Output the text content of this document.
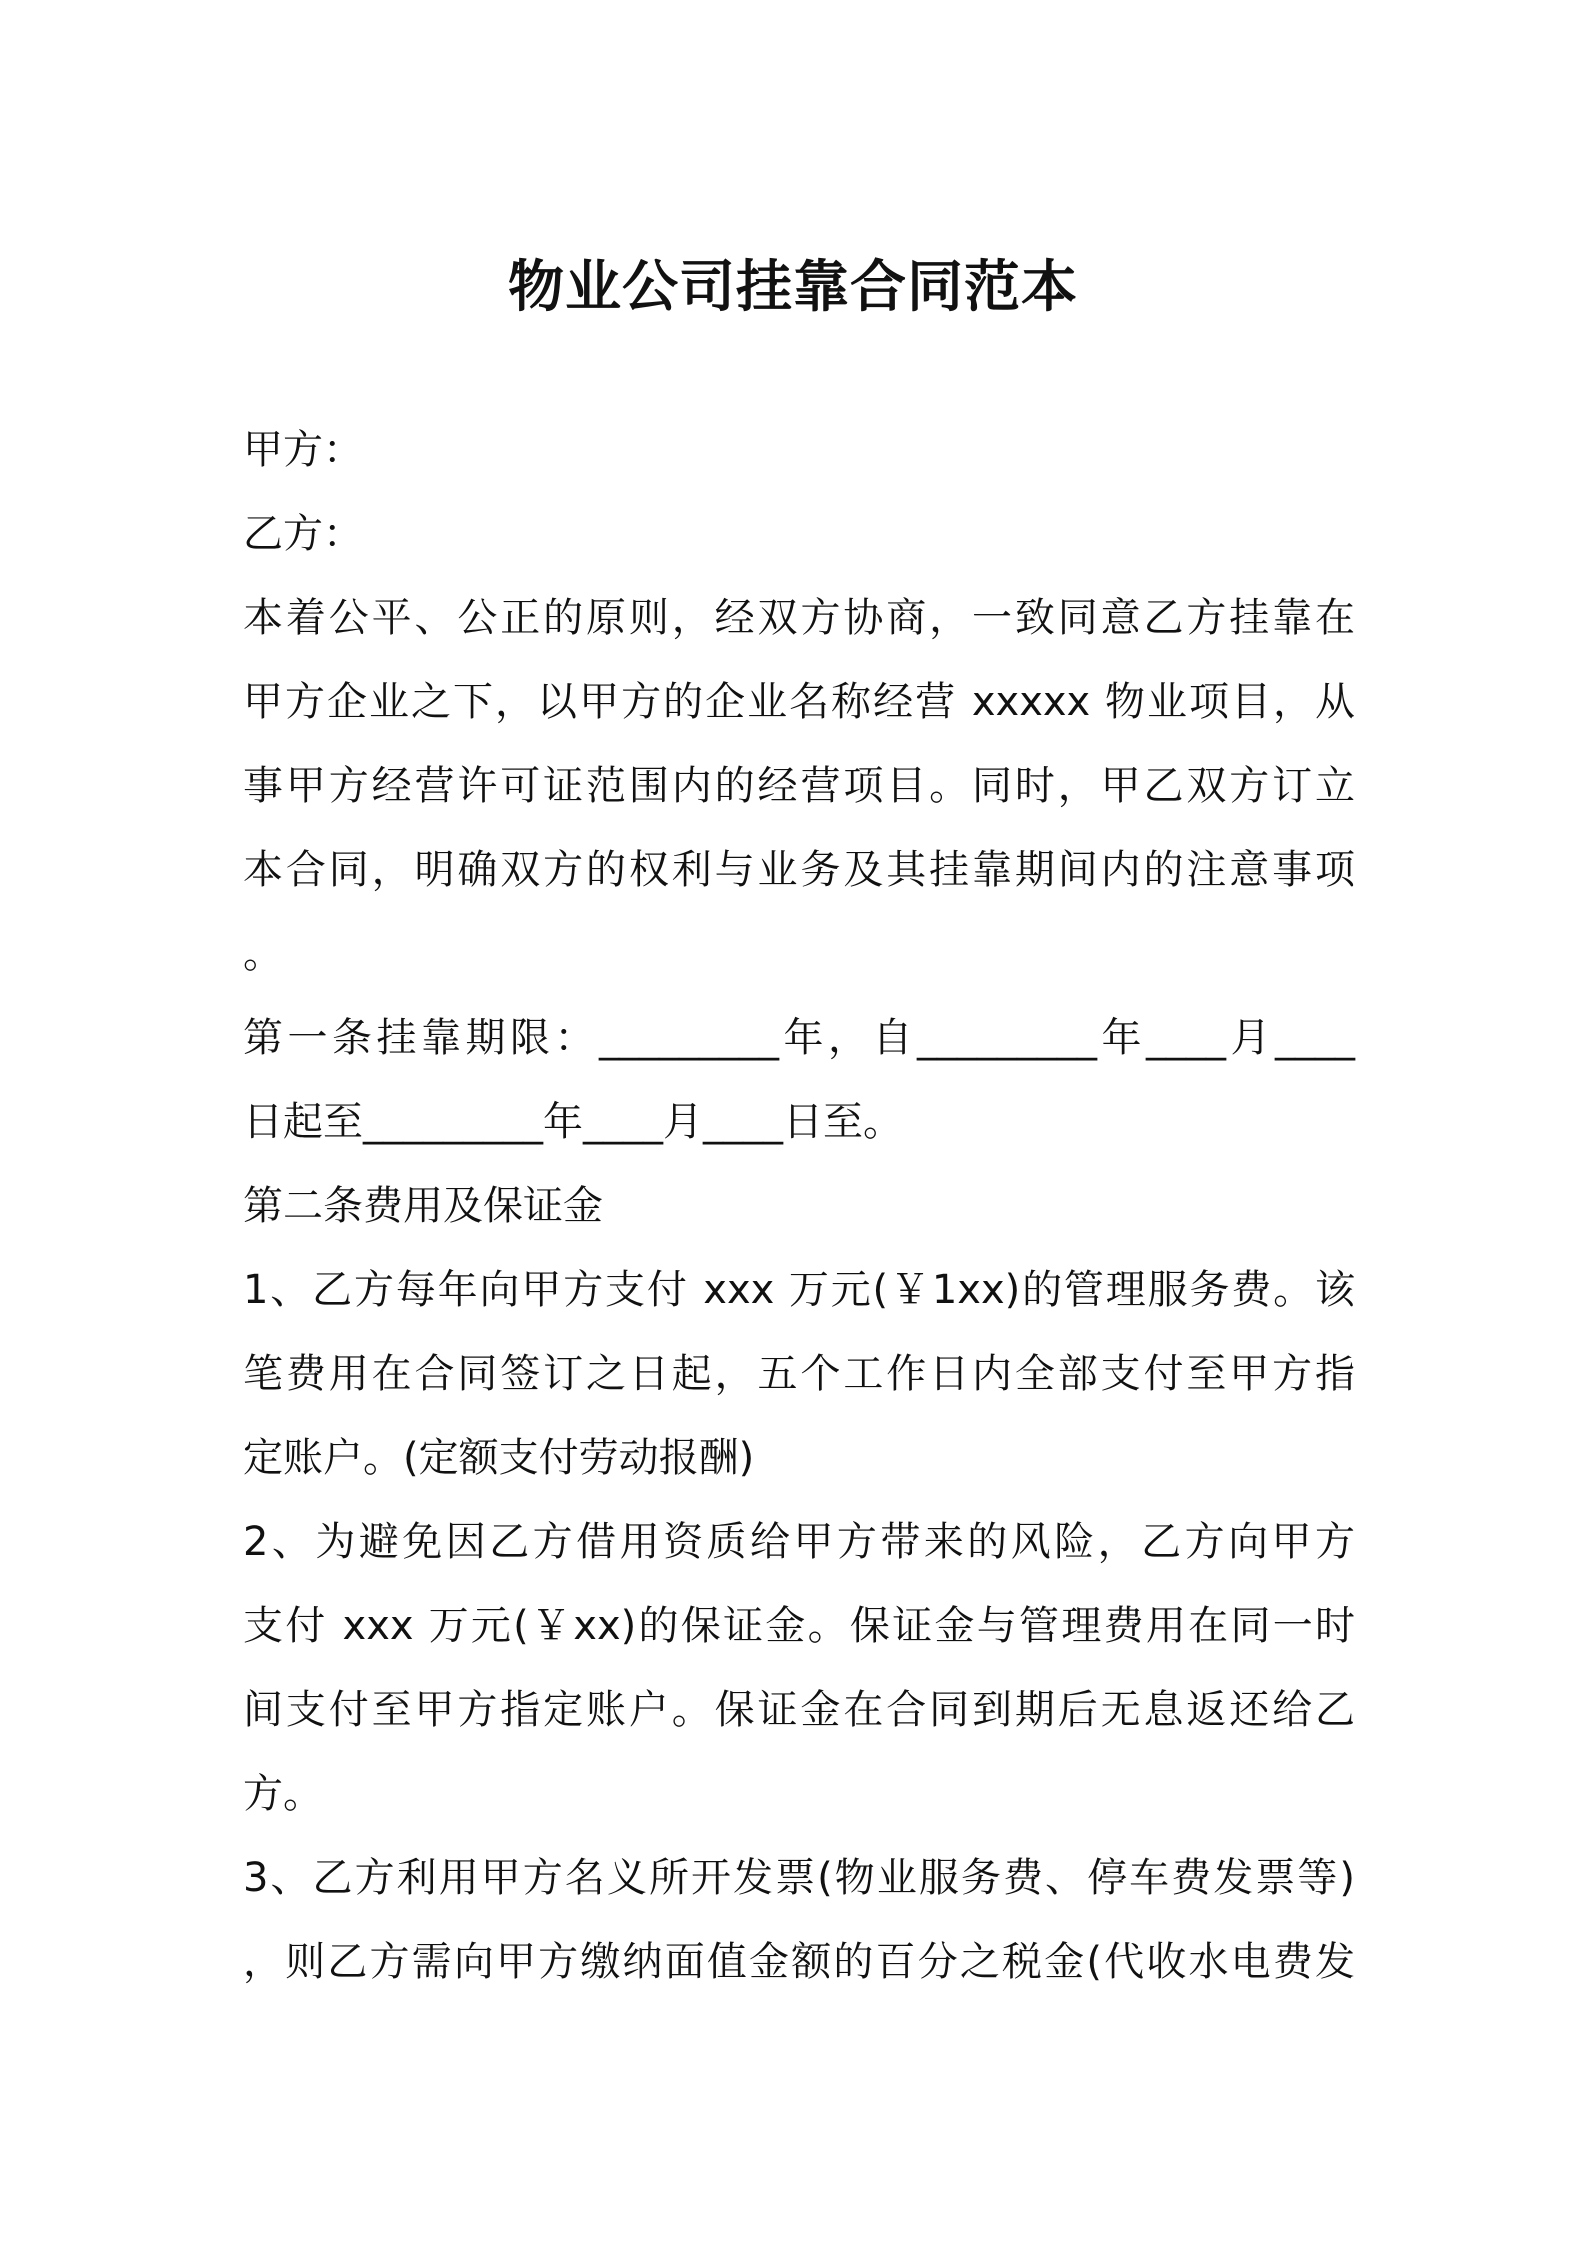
物业公司挂靠合同范本
甲方：
乙方：
本着公平、公正的原则，经双方协商，一致同意乙方挂靠在
甲方企业之下，以甲方的企业名称经营 xxxxx 物业项目，从
事甲方经营许可证范围内的经营项目。同时，甲乙双方订立
本合同，明确双方的权利与业务及其挂靠期间内的注意事项
。
第一条挂靠期限：_________年，自_________年____月____
日起至_________年____月____日至。
第二条费用及保证金
1、乙方每年向甲方支付 xxx 万元(￥1xx)的管理服务费。该
笔费用在合同签订之日起，五个工作日内全部支付至甲方指
定账户。(定额支付劳动报酬)
2、为避免因乙方借用资质给甲方带来的风险，乙方向甲方
支付 xxx 万元(￥xx)的保证金。保证金与管理费用在同一时
间支付至甲方指定账户。保证金在合同到期后无息返还给乙
方。
3、乙方利用甲方名义所开发票(物业服务费、停车费发票等)
，则乙方需向甲方缴纳面值金额的百分之税金(代收水电费发
